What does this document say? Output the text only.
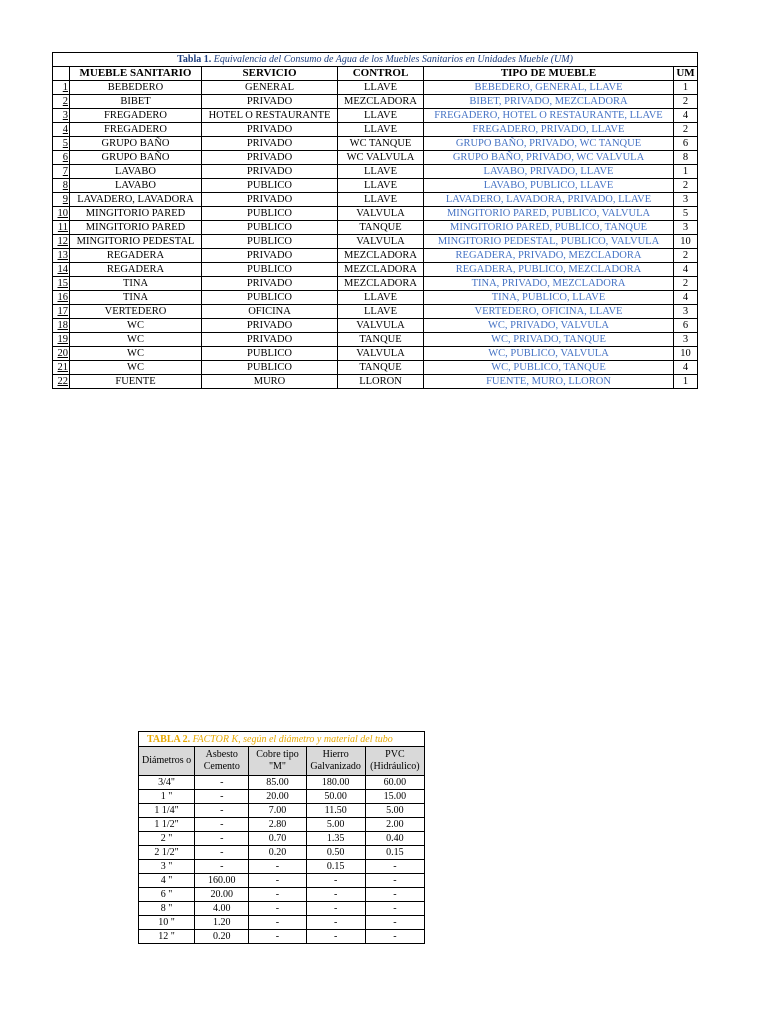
Tabla 1. Equivalencia del Consumo de Agua de los Muebles Sanitarios en Unidades Mueble (UM)					
	MUEBLE SANITARIO	SERVICIO	CONTROL	TIPO DE MUEBLE	UM
1	BEBEDERO	GENERAL	LLAVE	BEBEDERO, GENERAL, LLAVE	1
2	BIBET	PRIVADO	MEZCLADORA	BIBET, PRIVADO, MEZCLADORA	2
3	FREGADERO	HOTEL O RESTAURANTE	LLAVE	FREGADERO, HOTEL O RESTAURANTE, LLAVE	4
4	FREGADERO	PRIVADO	LLAVE	FREGADERO, PRIVADO, LLAVE	2
5	GRUPO BAÑO	PRIVADO	WC TANQUE	GRUPO BAÑO, PRIVADO, WC TANQUE	6
6	GRUPO BAÑO	PRIVADO	WC VALVULA	GRUPO BAÑO, PRIVADO, WC VALVULA	8
7	LAVABO	PRIVADO	LLAVE	LAVABO, PRIVADO, LLAVE	1
8	LAVABO	PUBLICO	LLAVE	LAVABO, PUBLICO, LLAVE	2
9	LAVADERO, LAVADORA	PRIVADO	LLAVE	LAVADERO, LAVADORA, PRIVADO, LLAVE	3
10	MINGITORIO PARED	PUBLICO	VALVULA	MINGITORIO PARED, PUBLICO, VALVULA	5
11	MINGITORIO PARED	PUBLICO	TANQUE	MINGITORIO PARED, PUBLICO, TANQUE	3
12	MINGITORIO PEDESTAL	PUBLICO	VALVULA	MINGITORIO PEDESTAL, PUBLICO, VALVULA	10
13	REGADERA	PRIVADO	MEZCLADORA	REGADERA, PRIVADO, MEZCLADORA	2
14	REGADERA	PUBLICO	MEZCLADORA	REGADERA, PUBLICO, MEZCLADORA	4
15	TINA	PRIVADO	MEZCLADORA	TINA, PRIVADO, MEZCLADORA	2
16	TINA	PUBLICO	LLAVE	TINA, PUBLICO, LLAVE	4
17	VERTEDERO	OFICINA	LLAVE	VERTEDERO, OFICINA, LLAVE	3
18	WC	PRIVADO	VALVULA	WC, PRIVADO, VALVULA	6
19	WC	PRIVADO	TANQUE	WC, PRIVADO, TANQUE	3
20	WC	PUBLICO	VALVULA	WC, PUBLICO, VALVULA	10
21	WC	PUBLICO	TANQUE	WC, PUBLICO, TANQUE	4
22	FUENTE	MURO	LLORON	FUENTE, MURO, LLORON	1
TABLA 2. FACTOR K, según el diámetro y material del tubo				
Diámetros o	Asbesto Cemento	Cobre tipo "M"	Hierro Galvanizado	PVC (Hidráulico)
3/4"	-	85.00	180.00	60.00
1 "	-	20.00	50.00	15.00
1 1/4"	-	7.00	11.50	5.00
1 1/2"	-	2.80	5.00	2.00
2 "	-	0.70	1.35	0.40
2 1/2"	-	0.20	0.50	0.15
3 "	-	-	0.15	-
4 "	160.00	-	-	-
6 "	20.00	-	-	-
8 "	4.00	-	-	-
10 "	1.20	-	-	-
12 "	0.20	-	-	-
